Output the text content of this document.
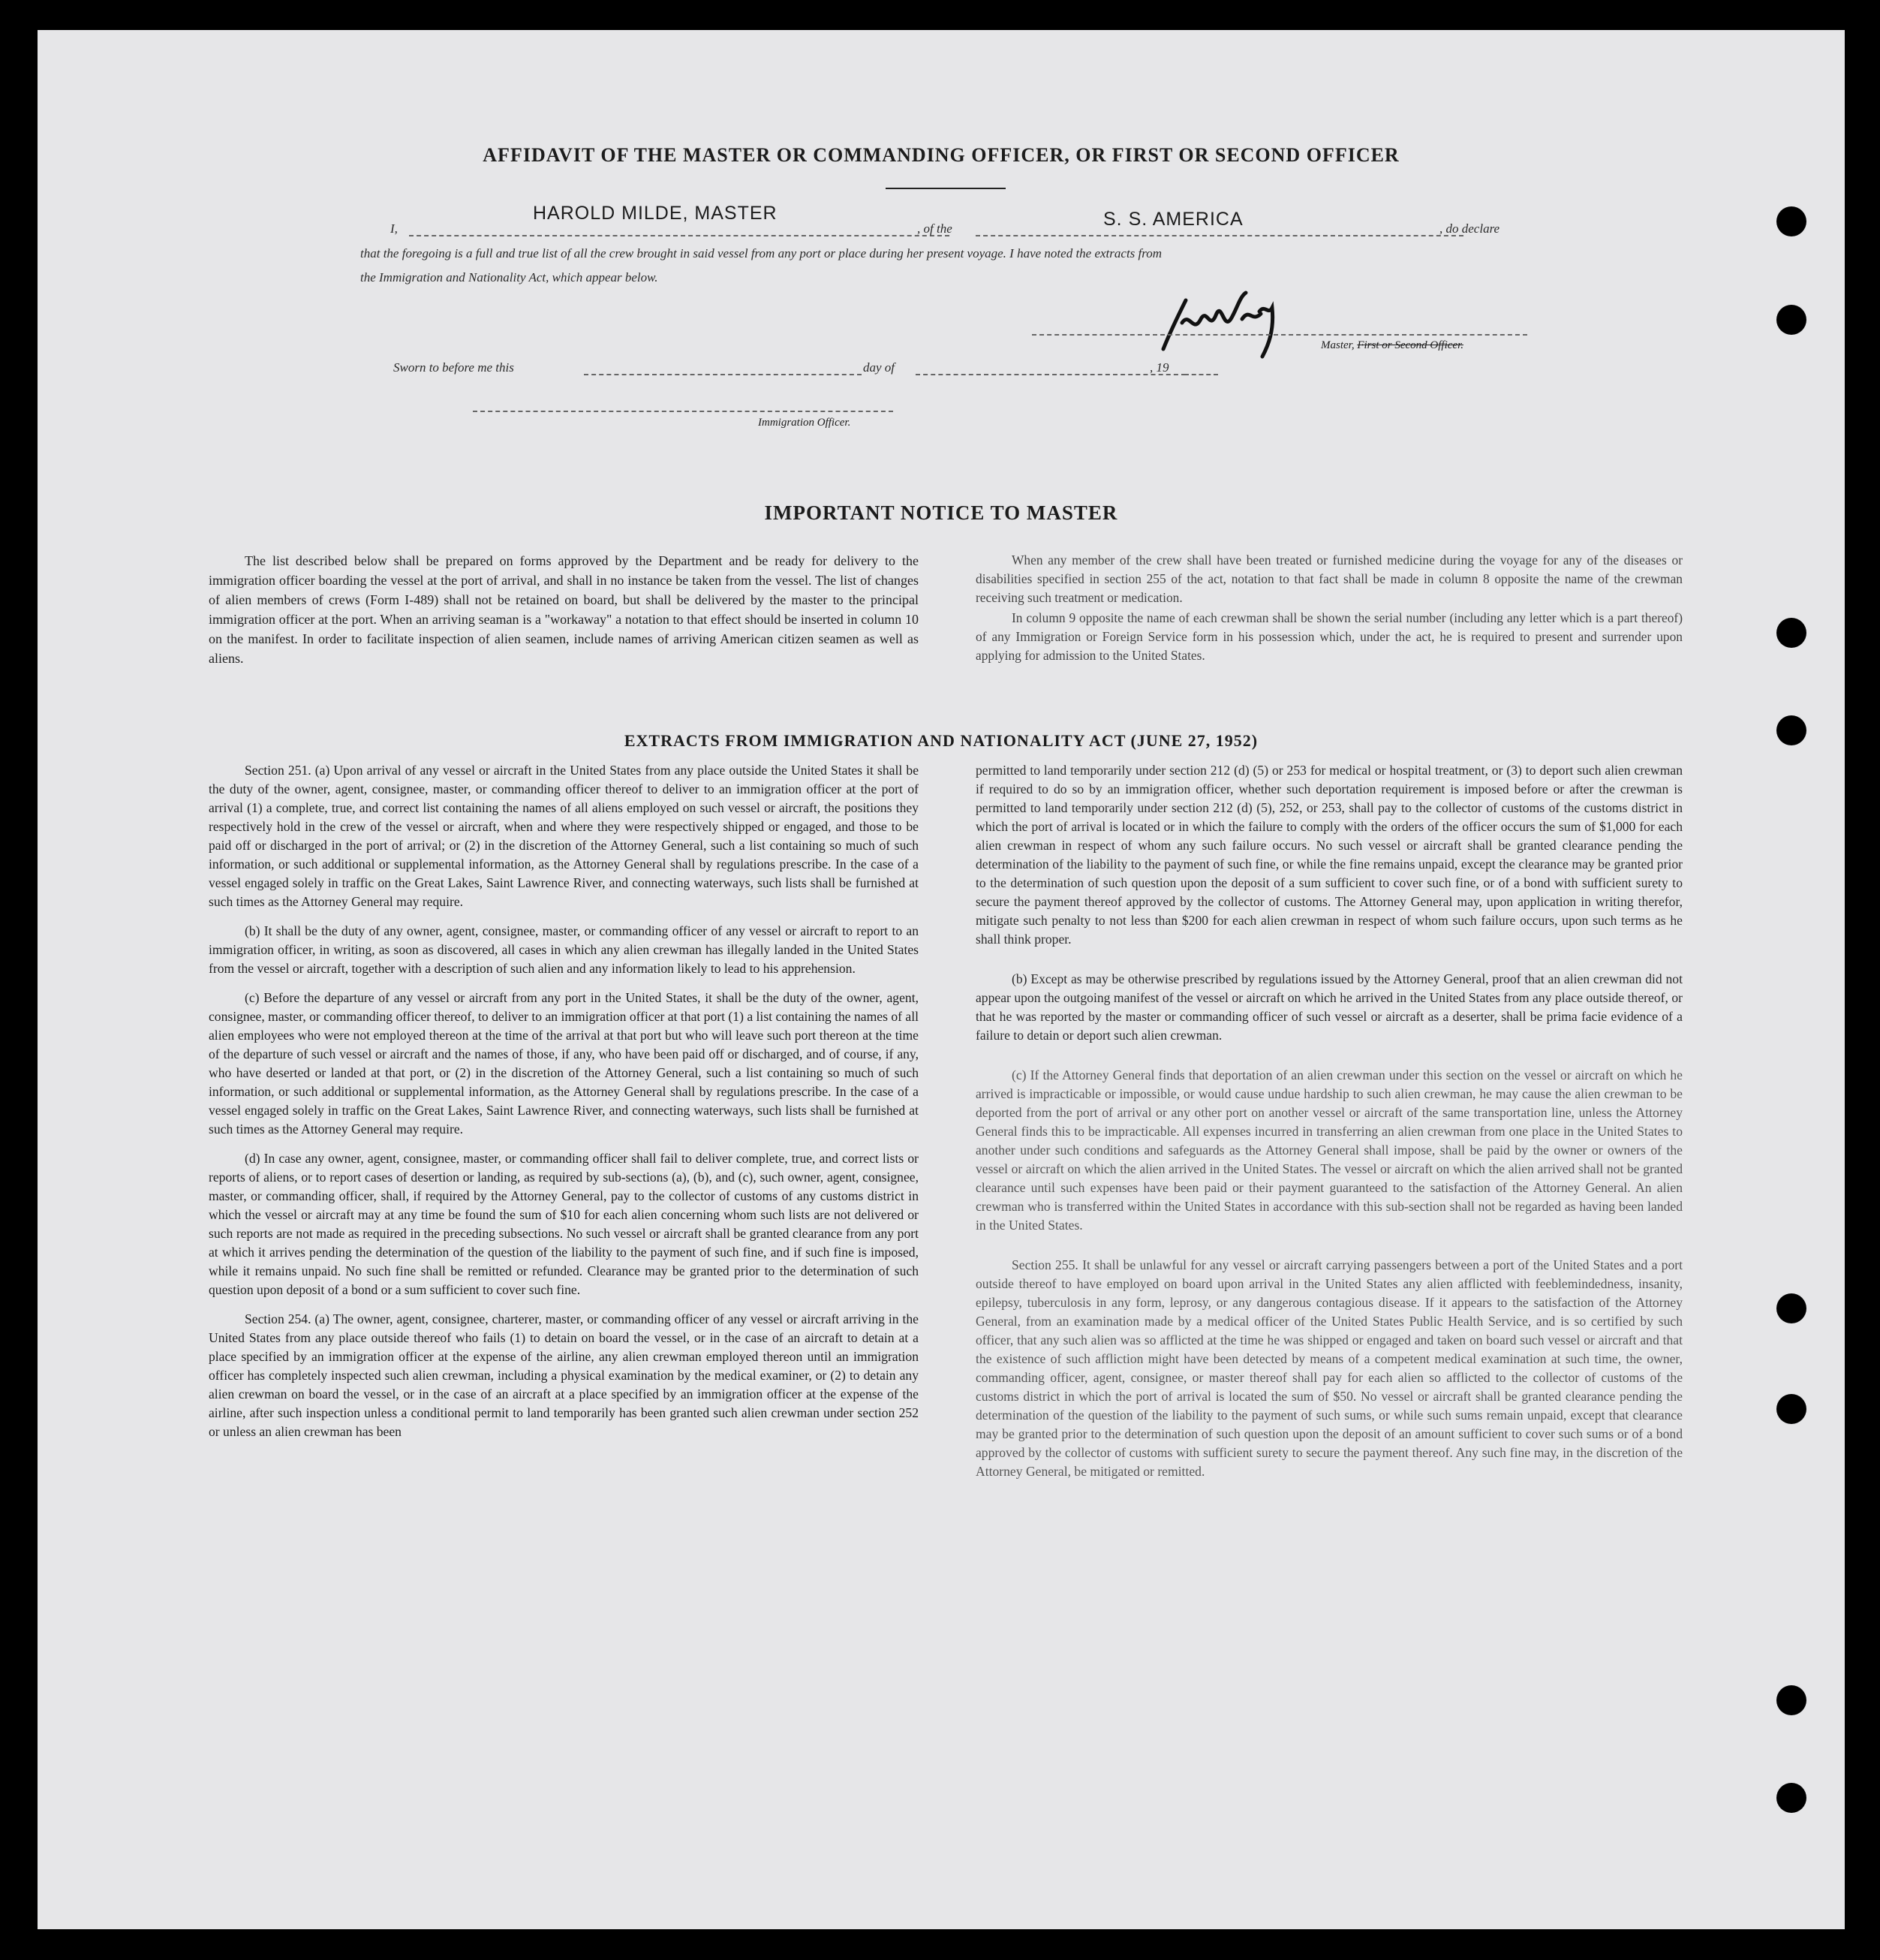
AFFIDAVIT OF THE MASTER OR COMMANDING OFFICER, OR FIRST OR SECOND OFFICER
I,
HAROLD MILDE, MASTER
, of the	S. S. AMERICA	, do declare
that the foregoing is a full and true list of all the crew brought in said vessel from any port or place during her present voyage. I have noted the extracts from
the Immigration and Nationality Act, which appear below.
Master, First or Second Officer.
Sworn to before me this	day of	, 19
Immigration Officer.
IMPORTANT NOTICE TO MASTER

The list described below shall be prepared on forms approved by the Department and be ready for delivery to the immigration officer boarding the vessel at the port of arrival, and shall in no instance be taken from the vessel. The list of changes of alien members of crews (Form I-489) shall not be retained on board, but shall be delivered by the master to the principal immigration officer at the port. When an arriving seaman is a "workaway" a notation to that effect should be inserted in column 10 on the manifest. In order to facilitate inspection of alien seamen, include names of arriving American citizen seamen as well as aliens.

When any member of the crew shall have been treated or furnished medicine during the voyage for any of the diseases or disabilities specified in section 255 of the act, notation to that fact shall be made in column 8 opposite the name of the crewman receiving such treatment or medication.

In column 9 opposite the name of each crewman shall be shown the serial number (including any letter which is a part thereof) of any Immigration or Foreign Service form in his possession which, under the act, he is required to present and surrender upon applying for admission to the United States.

EXTRACTS FROM IMMIGRATION AND NATIONALITY ACT (JUNE 27, 1952)

Section 251. (a) Upon arrival of any vessel or aircraft in the United States from any place outside the United States it shall be the duty of the owner, agent, consignee, master, or commanding officer thereof to deliver to an immigration officer at the port of arrival (1) a complete, true, and correct list containing the names of all aliens employed on such vessel or aircraft, the positions they respectively hold in the crew of the vessel or aircraft, when and where they were respectively shipped or engaged, and those to be paid off or discharged in the port of arrival; or (2) in the discretion of the Attorney General, such a list containing so much of such information, or such additional or supplemental information, as the Attorney General shall by regulations prescribe. In the case of a vessel engaged solely in traffic on the Great Lakes, Saint Lawrence River, and connecting waterways, such lists shall be furnished at such times as the Attorney General may require.

(b) It shall be the duty of any owner, agent, consignee, master, or commanding officer of any vessel or aircraft to report to an immigration officer, in writing, as soon as discovered, all cases in which any alien crewman has illegally landed in the United States from the vessel or aircraft, together with a description of such alien and any information likely to lead to his apprehension.

(c) Before the departure of any vessel or aircraft from any port in the United States, it shall be the duty of the owner, agent, consignee, master, or commanding officer thereof, to deliver to an immigration officer at that port (1) a list containing the names of all alien employees who were not employed thereon at the time of the arrival at that port but who will leave such port thereon at the time of the departure of such vessel or aircraft and the names of those, if any, who have been paid off or discharged, and of course, if any, who have deserted or landed at that port, or (2) in the discretion of the Attorney General, such a list containing so much of such information, or such additional or supplemental information, as the Attorney General shall by regulations prescribe. In the case of a vessel engaged solely in traffic on the Great Lakes, Saint Lawrence River, and connecting waterways, such lists shall be furnished at such times as the Attorney General may require.

(d) In case any owner, agent, consignee, master, or commanding officer shall fail to deliver complete, true, and correct lists or reports of aliens, or to report cases of desertion or landing, as required by sub-sections (a), (b), and (c), such owner, agent, consignee, master, or commanding officer, shall, if required by the Attorney General, pay to the collector of customs of any customs district in which the vessel or aircraft may at any time be found the sum of $10 for each alien concerning whom such lists are not delivered or such reports are not made as required in the preceding subsections. No such vessel or aircraft shall be granted clearance from any port at which it arrives pending the determination of the question of the liability to the payment of such fine, and if such fine is imposed, while it remains unpaid. No such fine shall be remitted or refunded. Clearance may be granted prior to the determination of such question upon deposit of a bond or a sum sufficient to cover such fine.

Section 254. (a) The owner, agent, consignee, charterer, master, or commanding officer of any vessel or aircraft arriving in the United States from any place outside thereof who fails (1) to detain on board the vessel, or in the case of an aircraft to detain at a place specified by an immigration officer at the expense of the airline, any alien crewman employed thereon until an immigration officer has completely inspected such alien crewman, including a physical examination by the medical examiner, or (2) to detain any alien crewman on board the vessel, or in the case of an aircraft at a place specified by an immigration officer at the expense of the airline, after such inspection unless a conditional permit to land temporarily has been granted such alien crewman under section 252 or unless an alien crewman has been

permitted to land temporarily under section 212 (d) (5) or 253 for medical or hospital treatment, or (3) to deport such alien crewman if required to do so by an immigration officer, whether such deportation requirement is imposed before or after the crewman is permitted to land temporarily under section 212 (d) (5), 252, or 253, shall pay to the collector of customs of the customs district in which the port of arrival is located or in which the failure to comply with the orders of the officer occurs the sum of $1,000 for each alien crewman in respect of whom any such failure occurs. No such vessel or aircraft shall be granted clearance pending the determination of the liability to the payment of such fine, or while the fine remains unpaid, except the clearance may be granted prior to the determination of such question upon the deposit of a sum sufficient to cover such fine, or of a bond with sufficient surety to secure the payment thereof approved by the collector of customs. The Attorney General may, upon application in writing therefor, mitigate such penalty to not less than $200 for each alien crewman in respect of whom such failure occurs, upon such terms as he shall think proper.

(b) Except as may be otherwise prescribed by regulations issued by the Attorney General, proof that an alien crewman did not appear upon the outgoing manifest of the vessel or aircraft on which he arrived in the United States from any place outside thereof, or that he was reported by the master or commanding officer of such vessel or aircraft as a deserter, shall be prima facie evidence of a failure to detain or deport such alien crewman.

(c) If the Attorney General finds that deportation of an alien crewman under this section on the vessel or aircraft on which he arrived is impracticable or impossible, or would cause undue hardship to such alien crewman, he may cause the alien crewman to be deported from the port of arrival or any other port on another vessel or aircraft of the same transportation line, unless the Attorney General finds this to be impracticable. All expenses incurred in transferring an alien crewman from one place in the United States to another under such conditions and safeguards as the Attorney General shall impose, shall be paid by the owner or owners of the vessel or aircraft on which the alien arrived in the United States. The vessel or aircraft on which the alien arrived shall not be granted clearance until such expenses have been paid or their payment guaranteed to the satisfaction of the Attorney General. An alien crewman who is transferred within the United States in accordance with this sub-section shall not be regarded as having been landed in the United States.

Section 255. It shall be unlawful for any vessel or aircraft carrying passengers between a port of the United States and a port outside thereof to have employed on board upon arrival in the United States any alien afflicted with feeblemindedness, insanity, epilepsy, tuberculosis in any form, leprosy, or any dangerous contagious disease. If it appears to the satisfaction of the Attorney General, from an examination made by a medical officer of the United States Public Health Service, and is so certified by such officer, that any such alien was so afflicted at the time he was shipped or engaged and taken on board such vessel or aircraft and that the existence of such affliction might have been detected by means of a competent medical examination at such time, the owner, commanding officer, agent, consignee, or master thereof shall pay for each alien so afflicted to the collector of customs of the customs district in which the port of arrival is located the sum of $50. No vessel or aircraft shall be granted clearance pending the determination of the question of the liability to the payment of such sums, or while such sums remain unpaid, except that clearance may be granted prior to the determination of such question upon the deposit of an amount sufficient to cover such sums or of a bond approved by the collector of customs with sufficient surety to secure the payment thereof. Any such fine may, in the discretion of the Attorney General, be mitigated or remitted.
